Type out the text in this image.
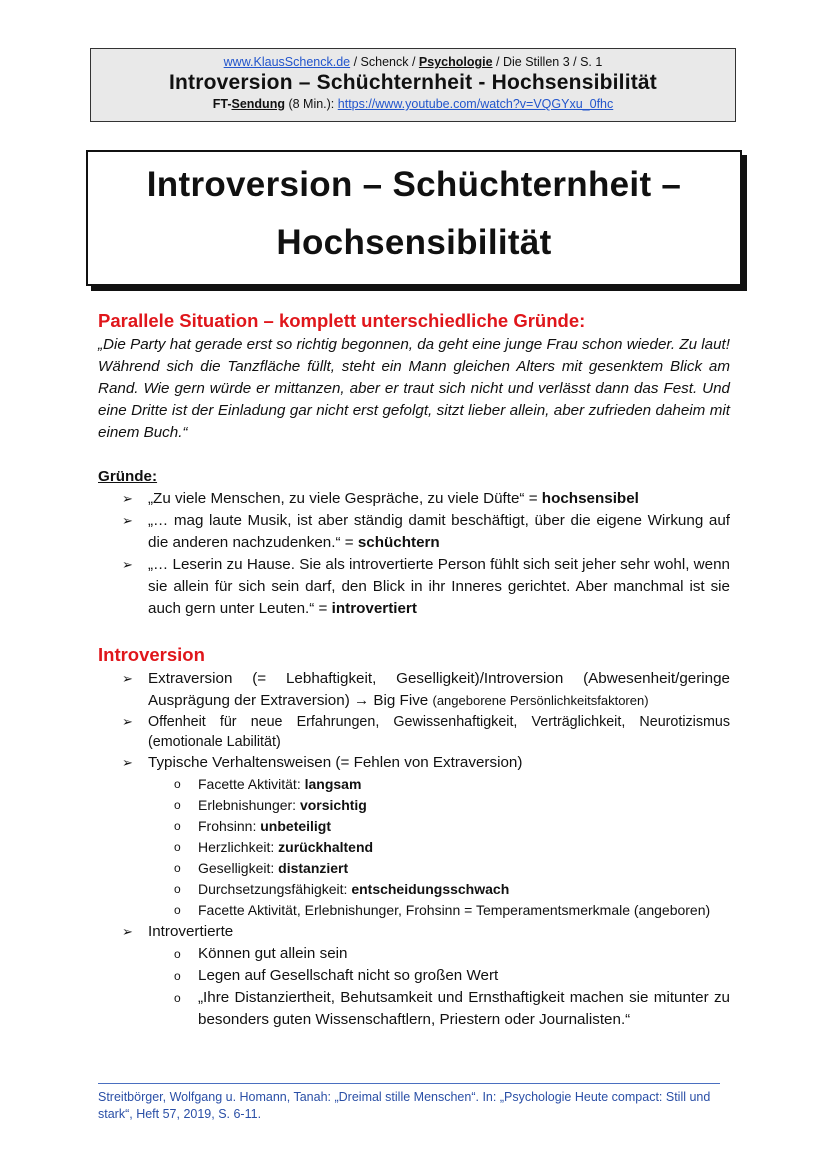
www.KlausSchenck.de / Schenck / Psychologie / Die Stillen 3 / S. 1
Introversion – Schüchternheit - Hochsensibilität
FT-Sendung (8 Min.): https://www.youtube.com/watch?v=VQGYxu_0fhc
Introversion – Schüchternheit –
Hochsensibilität
Parallele Situation – komplett unterschiedliche Gründe:

„Die Party hat gerade erst so richtig begonnen, da geht eine junge Frau schon wieder. Zu laut! Während sich die Tanzfläche füllt, steht ein Mann gleichen Alters mit gesenktem Blick am Rand. Wie gern würde er mittanzen, aber er traut sich nicht und verlässt dann das Fest. Und eine Dritte ist der Einladung gar nicht erst gefolgt, sitzt lieber allein, aber zufrieden daheim mit einem Buch.“

Gründe:
➢ „Zu viele Menschen, zu viele Gespräche, zu viele Düfte“ = hochsensibel
➢ „… mag laute Musik, ist aber ständig damit beschäftigt, über die eigene Wirkung auf die anderen nachzudenken.“ = schüchtern
➢ „… Leserin zu Hause. Sie als introvertierte Person fühlt sich seit jeher sehr wohl, wenn sie allein für sich sein darf, den Blick in ihr Inneres gerichtet. Aber manchmal ist sie auch gern unter Leuten.“ = introvertiert
Introversion
➢ Extraversion (= Lebhaftigkeit, Geselligkeit)/Introversion (Abwesenheit/geringe Ausprägung der Extraversion) → Big Five (angeborene Persönlichkeitsfaktoren)
➢ Offenheit für neue Erfahrungen, Gewissenhaftigkeit, Verträglichkeit, Neurotizismus (emotionale Labilität)
➢ Typische Verhaltensweisen (= Fehlen von Extraversion)
o Facette Aktivität: langsam
o Erlebnishunger: vorsichtig
o Frohsinn: unbeteiligt
o Herzlichkeit: zurückhaltend
o Geselligkeit: distanziert
o Durchsetzungsfähigkeit: entscheidungsschwach
o Facette Aktivität, Erlebnishunger, Frohsinn = Temperamentsmerkmale (angeboren)
➢ Introvertierte
o Können gut allein sein
o Legen auf Gesellschaft nicht so großen Wert
o „Ihre Distanziertheit, Behutsamkeit und Ernsthaftigkeit machen sie mitunter zu besonders guten Wissenschaftlern, Priestern oder Journalisten.“
Streitbörger, Wolfgang u. Homann, Tanah: „Dreimal stille Menschen“. In: „Psychologie Heute compact: Still und stark“, Heft 57, 2019, S. 6-11.
